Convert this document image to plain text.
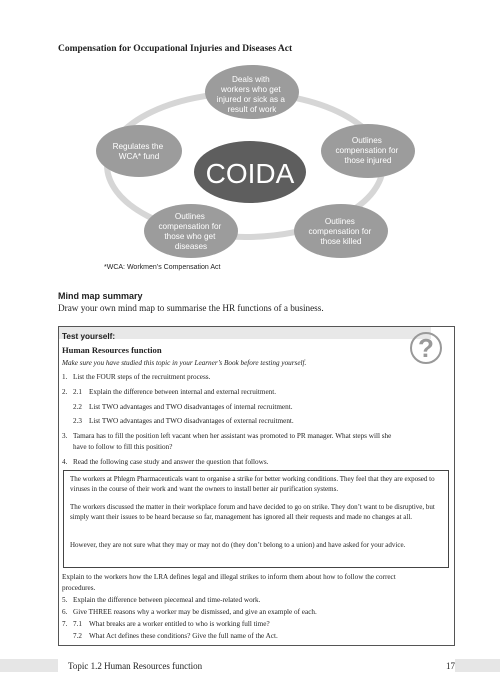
Compensation for Occupational Injuries and Diseases Act
Deals with workers who get injured or sick as a result of work
Outlines compensation for those injured
Outlines compensation for those killed
Outlines compensation for those who get diseases
Regulates the WCA* fund
COIDA
*WCA: Workmen’s Compensation Act
Mind map summary
Draw your own mind map to summarise the HR functions of a business.
?
Test yourself:
Human Resources function
Make sure you have studied this topic in your Learner’s Book before testing yourself.
1. List the FOUR steps of the recruitment process.
2. 2.1 Explain the difference between internal and external recruitment.
2.2 List TWO advantages and TWO disadvantages of internal recruitment.
2.3 List TWO advantages and TWO disadvantages of external recruitment.
3. Tamara has to fill the position left vacant when her assistant was promoted to PR manager. What steps will she
have to follow to fill this position?
4. Read the following case study and answer the question that follows.
The workers at Phlegm Pharmaceuticals want to organise a strike for better working conditions. They feel that they are exposed to viruses in the course of their work and want the owners to install better air purification systems.
The workers discussed the matter in their workplace forum and have decided to go on strike. They don’t want to be disruptive, but simply want their issues to be heard because so far, management has ignored all their requests and made no changes at all.
However, they are not sure what they may or may not do (they don’t belong to a union) and have asked for your advice.
Explain to the workers how the LRA defines legal and illegal strikes to inform them about how to follow the correct
procedures.
5. Explain the difference between piecemeal and time-related work.
6. Give THREE reasons why a worker may be dismissed, and give an example of each.
7. 7.1 What breaks are a worker entitled to who is working full time?
7.2 What Act defines these conditions? Give the full name of the Act.
Topic 1.2 Human Resources function	17
